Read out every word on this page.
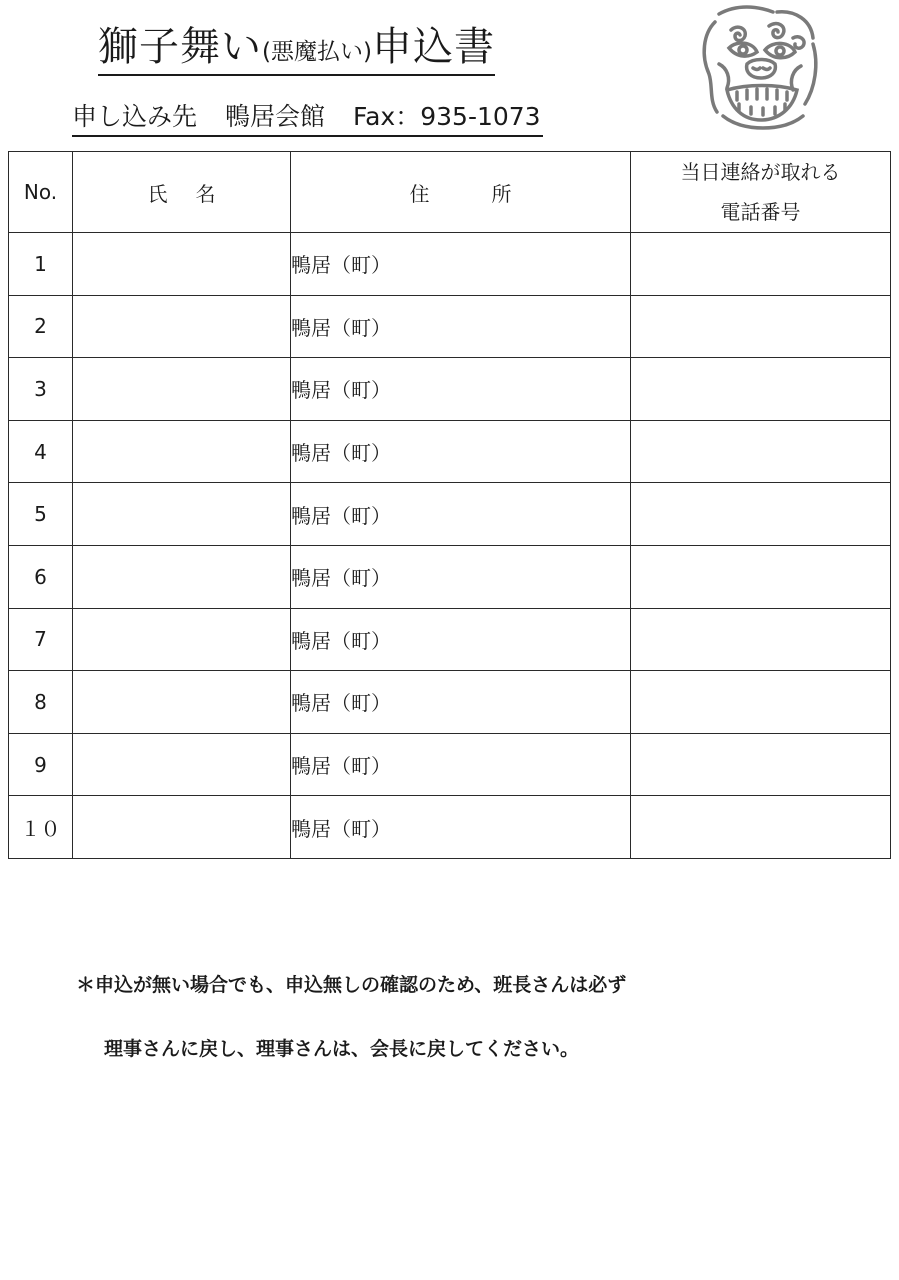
獅子舞い (悪魔払い) 申込書
申し込み先 鴨居会館 Fax：935-1073
No.	氏名	住所	当日連絡が取れる
電話番号

1		鴨居（町）	
2		鴨居（町）	
3		鴨居（町）	
4		鴨居（町）	
5		鴨居（町）	
6		鴨居（町）	
7		鴨居（町）	
8		鴨居（町）	
9		鴨居（町）	
１０		鴨居（町）	
＊申込が無い場合でも、申込無しの確認のため、班長さんは必ず
理事さんに戻し、理事さんは、会長に戻してください。
